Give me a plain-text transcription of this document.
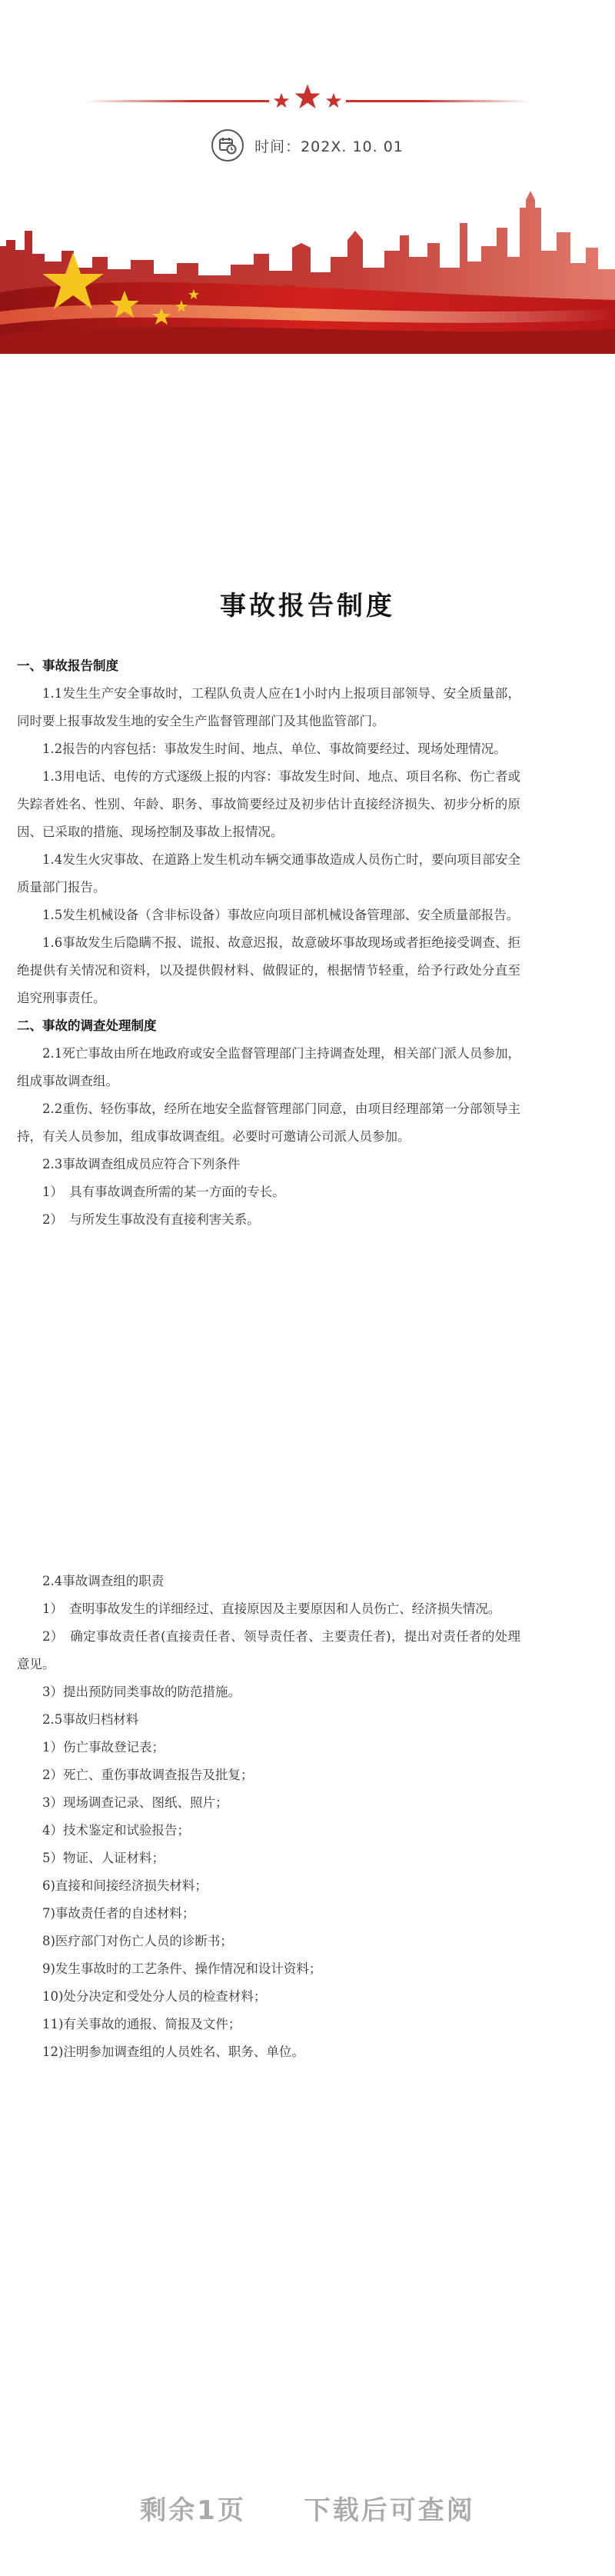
时间：202X. 10. 01
事故报告制度

一、事故报告制度

1.1发生生产安全事故时，工程队负责人应在1小时内上报项目部领导、安全质量部，同时要上报事故发生地的安全生产监督管理部门及其他监管部门。

1.2报告的内容包括：事故发生时间、地点、单位、事故简要经过、现场处理情况。

1.3用电话、电传的方式逐级上报的内容：事故发生时间、地点、项目名称、伤亡者或失踪者姓名、性别、年龄、职务、事故简要经过及初步估计直接经济损失、初步分析的原因、已采取的措施、现场控制及事故上报情况。

1.4发生火灾事故、在道路上发生机动车辆交通事故造成人员伤亡时，要向项目部安全质量部门报告。

1.5发生机械设备（含非标设备）事故应向项目部机械设备管理部、安全质量部报告。

1.6事故发生后隐瞒不报、谎报、故意迟报，故意破坏事故现场或者拒绝接受调查、拒绝提供有关情况和资料，以及提供假材料、做假证的，根据情节轻重，给予行政处分直至追究刑事责任。

二、事故的调查处理制度

2.1死亡事故由所在地政府或安全监督管理部门主持调查处理，相关部门派人员参加，组成事故调查组。

2.2重伤、轻伤事故，经所在地安全监督管理部门同意，由项目经理部第一分部领导主持，有关人员参加，组成事故调查组。必要时可邀请公司派人员参加。

2.3事故调查组成员应符合下列条件

1）　具有事故调查所需的某一方面的专长。

2）　与所发生事故没有直接利害关系。

2.4事故调查组的职责

1）　查明事故发生的详细经过、直接原因及主要原因和人员伤亡、经济损失情况。

2）　确定事故责任者(直接责任者、领导责任者、主要责任者)，提出对责任者的处理意见。

3）提出预防同类事故的防范措施。

2.5事故归档材料

1）伤亡事故登记表；

2）死亡、重伤事故调查报告及批复；

3）现场调查记录、图纸、照片；

4）技术鉴定和试验报告；

5）物证、人证材料；

6)直接和间接经济损失材料；

7)事故责任者的自述材料；

8)医疗部门对伤亡人员的诊断书；

9)发生事故时的工艺条件、操作情况和设计资料；

10)处分决定和受处分人员的检查材料；

11)有关事故的通报、简报及文件；

12)注明参加调查组的人员姓名、职务、单位。

剩余1页　 下载后可查阅
